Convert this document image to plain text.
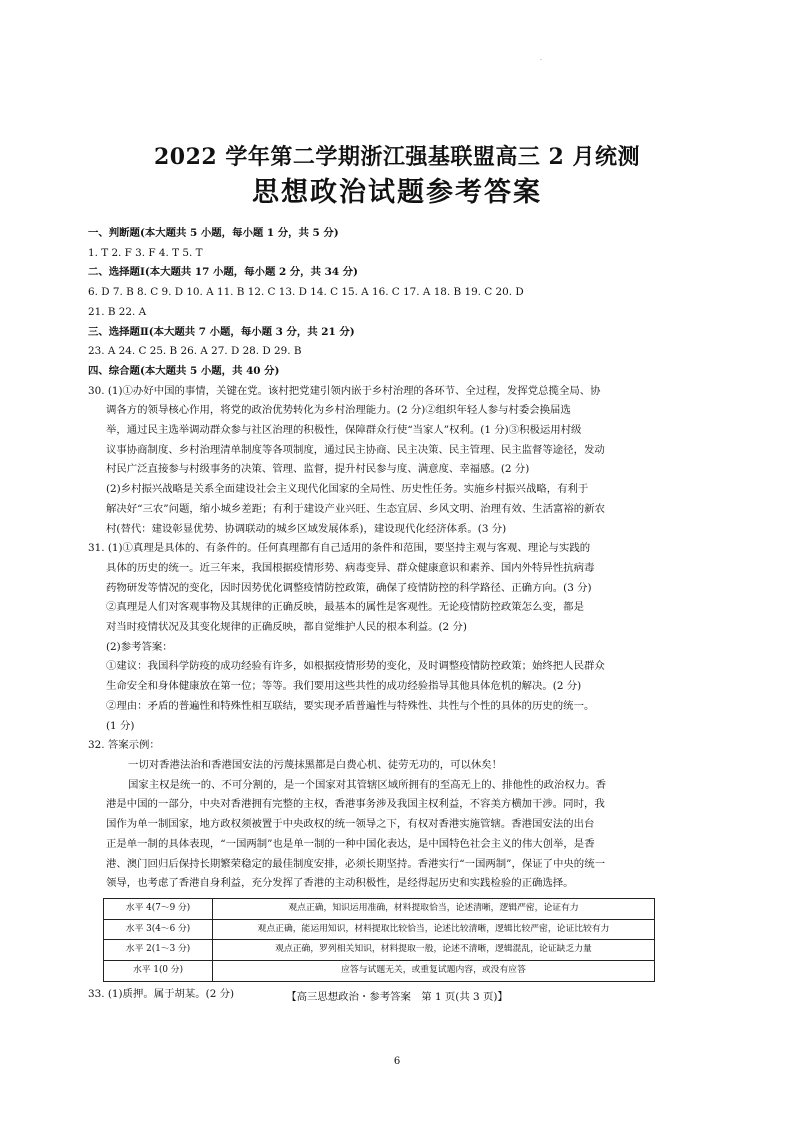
·
2022 学年第二学期浙江强基联盟高三 2 月统测
思想政治试题参考答案

一、判断题(本大题共 5 小题，每小题 1 分，共 5 分)

1. T 2. F 3. F 4. T 5. T

二、选择题Ⅰ(本大题共 17 小题，每小题 2 分，共 34 分)

6. D 7. B 8. C 9. D 10. A 11. B 12. C 13. D 14. C 15. A 16. C 17. A 18. B 19. C 20. D

21. B 22. A

三、选择题Ⅱ(本大题共 7 小题，每小题 3 分，共 21 分)

23. A 24. C 25. B 26. A 27. D 28. D 29. B

四、综合题(本大题共 5 小题，共 40 分)

30. (1)①办好中国的事情，关键在党。该村把党建引领内嵌于乡村治理的各环节、全过程，发挥党总揽全局、协

调各方的领导核心作用，将党的政治优势转化为乡村治理能力。(2 分)②组织年轻人参与村委会换届选

举，通过民主选举调动群众参与社区治理的积极性，保障群众行使“当家人”权利。(1 分)③积极运用村级

议事协商制度、乡村治理清单制度等各项制度，通过民主协商、民主决策、民主管理、民主监督等途径，发动

村民广泛直接参与村级事务的决策、管理、监督，提升村民参与度、满意度、幸福感。(2 分)

(2)乡村振兴战略是关系全面建设社会主义现代化国家的全局性、历史性任务。实施乡村振兴战略，有利于

解决好“三农”问题，缩小城乡差距；有利于建设产业兴旺、生态宜居、乡风文明、治理有效、生活富裕的新农

村(替代：建设彰显优势、协调联动的城乡区域发展体系)，建设现代化经济体系。(3 分)

31. (1)①真理是具体的、有条件的。任何真理都有自己适用的条件和范围，要坚持主观与客观、理论与实践的

具体的历史的统一。近三年来，我国根据疫情形势、病毒变异、群众健康意识和素养、国内外特异性抗病毒

药物研发等情况的变化，因时因势优化调整疫情防控政策，确保了疫情防控的科学路径、正确方向。(3 分)

②真理是人们对客观事物及其规律的正确反映，最基本的属性是客观性。无论疫情防控政策怎么变，都是

对当时疫情状况及其变化规律的正确反映，都自觉维护人民的根本利益。(2 分)

(2)参考答案：

①建议：我国科学防疫的成功经验有许多，如根据疫情形势的变化，及时调整疫情防控政策；始终把人民群众

生命安全和身体健康放在第一位；等等。我们要用这些共性的成功经验指导其他具体危机的解决。(2 分)

②理由：矛盾的普遍性和特殊性相互联结，要实现矛盾普遍性与特殊性、共性与个性的具体的历史的统一。

(1 分)

32. 答案示例：

一切对香港法治和香港国安法的污蔑抹黑都是白费心机、徒劳无功的，可以休矣！

国家主权是统一的、不可分割的，是一个国家对其管辖区域所拥有的至高无上的、排他性的政治权力。香

港是中国的一部分，中央对香港拥有完整的主权，香港事务涉及我国主权利益，不容美方横加干涉。同时，我

国作为单一制国家，地方政权须被置于中央政权的统一领导之下，有权对香港实施管辖。香港国安法的出台

正是单一制的具体表现，“一国两制”也是单一制的一种中国化表达，是中国特色社会主义的伟大创举，是香

港、澳门回归后保持长期繁荣稳定的最佳制度安排，必须长期坚持。香港实行“一国两制”，保证了中央的统一

领导，也考虑了香港自身利益，充分发挥了香港的主动积极性，是经得起历史和实践检验的正确选择。

水平 4(7～9 分)	观点正确，知识运用准确，材料提取恰当，论述清晰，逻辑严密，论证有力
水平 3(4～6 分)	观点正确，能运用知识，材料提取比较恰当，论述比较清晰，逻辑比较严密，论证比较有力
水平 2(1～3 分)	观点正确，罗列相关知识，材料提取一般，论述不清晰，逻辑混乱，论证缺乏力量
水平 1(0 分)	应答与试题无关，或重复试题内容，或没有应答

33. (1)质押。属于胡某。(2 分)	【高三思想政治・参考答案　第 1 页(共 3 页)】
6
